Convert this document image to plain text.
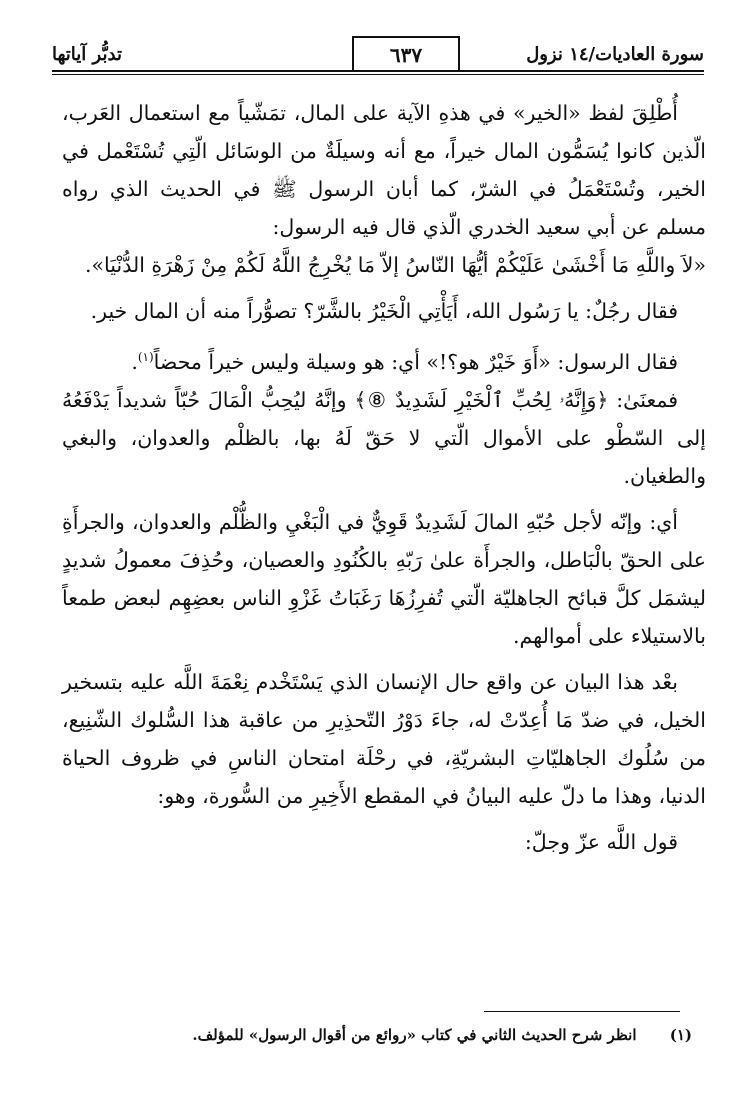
سورة العاديات/١٤ نزول
٦٣٧
تدبُّر آياتها

أُطْلِقَ لفظ «الخير» في هذهِ الآية على المال، تمَشّياً مع استعمال العَرب، الّذين كانوا يُسَمُّون المال خيراً، مع أنه وسيلَةٌ من الوسَائل الّتِي تُسْتَعْمل في الخير، وتُسْتَعْمَلُ في الشرّ، كما أبان الرسول ﷺ في الحديث الذي رواه مسلم عن أبي سعيد الخدري الّذي قال فيه الرسول:

«لاَ واللَّهِ مَا أَخْشَىٰ عَلَيْكُمْ أيُّهَا النّاسُ إلاّ مَا يُخْرِجُ اللَّهُ لَكُمْ مِنْ زَهْرَةِ الدُّنْيَا».

فقال رجُلٌ: يا رَسُول الله، أَيَأْتِي الْخَيْرُ بالشَّرّ؟ تصوُّراً منه أن المال خير.

فقال الرسول: «أَوَ خَيْرٌ هو؟!» أي: هو وسيلة وليس خيراً محضاً$^{(١)}$.

فمعنَىٰ: ﴿وَإِنَّهُۥ لِحُبِّ ٱلْخَيْرِ لَشَدِيدٌ ⑧﴾ وإنَّهُ ليُحِبُّ الْمَالَ حُبّاً شديداً يَدْفَعُهُ إلى السّطْو على الأموال الّتي لا حَقّ لَهُ بها، بالظلْم والعدوان، والبغي والطغيان.

أي: وإنّه لأجل حُبّهِ المالَ لَشَدِيدٌ قَوِيٌّ في الْبَغْيِ والظُّلْم والعدوان، والجرأَةِ على الحقّ بالْبَاطل، والجرأَة علىٰ رَبّهِ بالكُنُودِ والعصيان، وحُذِفَ معمولُ شديدٍ ليشمَل كلَّ قبائح الجاهليّة الّتي تُفرِزُهَا رَغَبَاتُ غَزْوِ الناس بعضِهِم لبعض طمعاً بالاستيلاء على أموالهم.

بعْد هذا البيان عن واقع حال الإنسان الذي يَسْتَخْدم نِعْمَةَ اللَّه عليه بتسخير الخيل، في ضدّ مَا أُعِدّتْ له، جاءَ دَوْرُ التّحذِيرِ من عاقبة هذا السُّلوك الشّنِيع، من سُلُوك الجاهليّاتِ البشريّةِ، في رحْلَة امتحان الناسِ في ظروف الحياة الدنيا، وهذا ما دلّ عليه البيانُ في المقطع الأَخِيرِ من السُّورة، وهو:

قول اللَّه عزّ وجلّ:

(١) انظر شرح الحديث الثاني في كتاب «روائع من أقوال الرسول» للمؤلف.
